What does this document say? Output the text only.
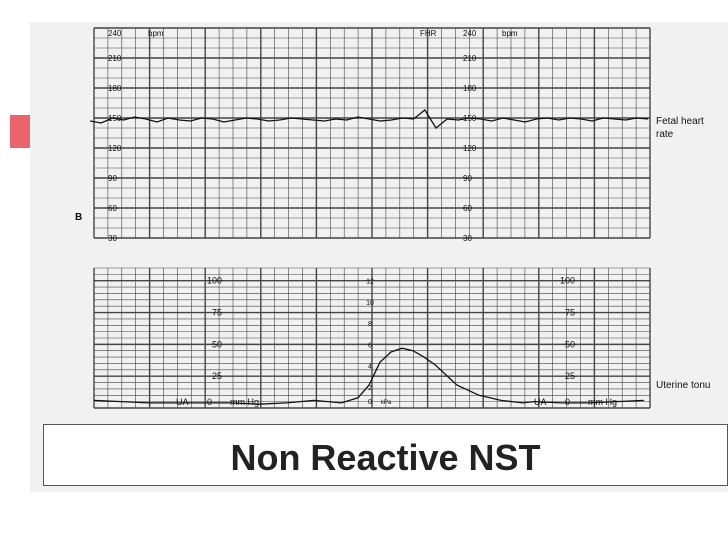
30	30
60	60
90	90
120	120
150	150
180	180
210	210
240	bpm	FHR	240	bpm
B
Fetal heart
rate
25
50
75
100
25
50
75
100
2
4
6
8
10
12
0 kPa
UA 0 mm Hg	UA 0 mm Hg
Uterine tonu
Non Reactive NST
